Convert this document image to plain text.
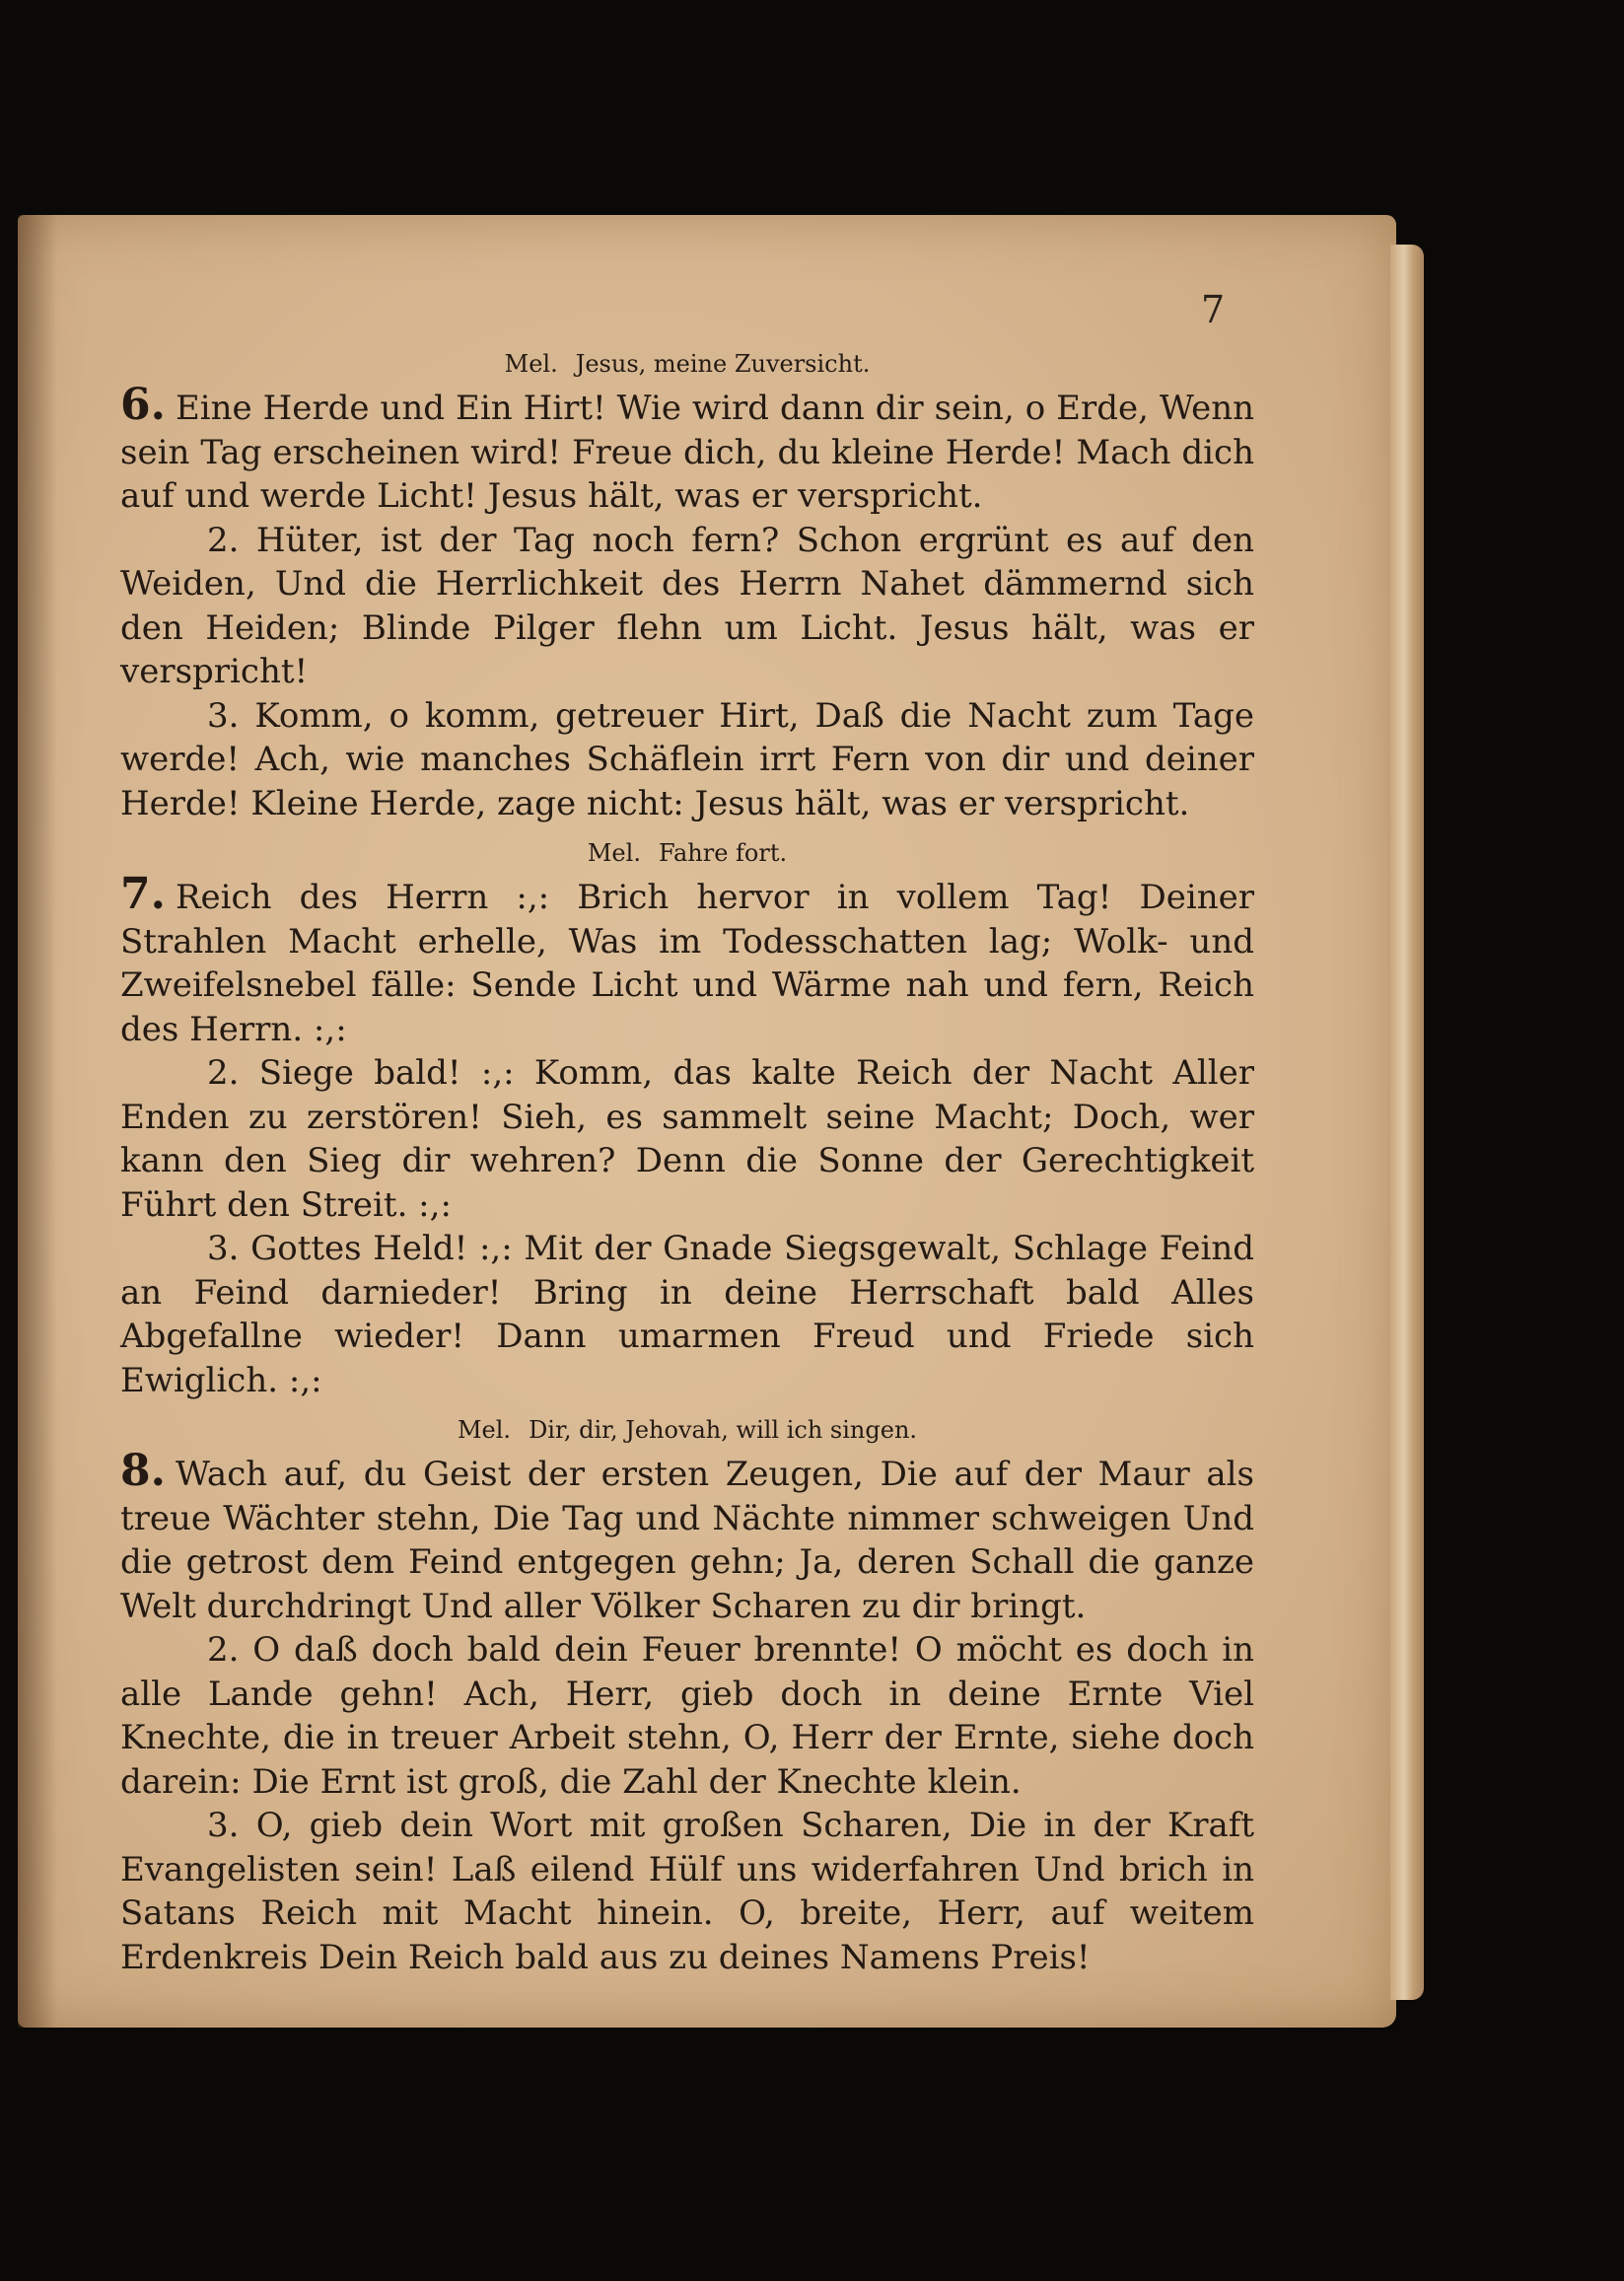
7

Mel. Jesus, meine Zuversicht.

6. Eine Herde und Ein Hirt! Wie wird dann dir sein, o Erde, Wenn sein Tag erscheinen wird! Freue dich, du kleine Herde! Mach dich auf und werde Licht! Jesus hält, was er verspricht.

2. Hüter, ist der Tag noch fern? Schon ergrünt es auf den Weiden, Und die Herrlichkeit des Herrn Nahet dämmernd sich den Heiden; Blinde Pilger flehn um Licht. Jesus hält, was er verspricht!

3. Komm, o komm, getreuer Hirt, Daß die Nacht zum Tage werde! Ach, wie manches Schäflein irrt Fern von dir und deiner Herde! Kleine Herde, zage nicht: Jesus hält, was er verspricht.

Mel. Fahre fort.

7. Reich des Herrn :,: Brich hervor in vollem Tag! Deiner Strahlen Macht erhelle, Was im Todesschatten lag; Wolk- und Zweifelsnebel fälle: Sende Licht und Wärme nah und fern, Reich des Herrn. :,:

2. Siege bald! :,: Komm, das kalte Reich der Nacht Aller Enden zu zerstören! Sieh, es sammelt seine Macht; Doch, wer kann den Sieg dir wehren? Denn die Sonne der Gerechtigkeit Führt den Streit. :,:

3. Gottes Held! :,: Mit der Gnade Siegsgewalt, Schlage Feind an Feind darnieder! Bring in deine Herrschaft bald Alles Abgefallne wieder! Dann umarmen Freud und Friede sich Ewiglich. :,:

Mel. Dir, dir, Jehovah, will ich singen.

8. Wach auf, du Geist der ersten Zeugen, Die auf der Maur als treue Wächter stehn, Die Tag und Nächte nimmer schweigen Und die getrost dem Feind entgegen gehn; Ja, deren Schall die ganze Welt durchdringt Und aller Völker Scharen zu dir bringt.

2. O daß doch bald dein Feuer brennte! O möcht es doch in alle Lande gehn! Ach, Herr, gieb doch in deine Ernte Viel Knechte, die in treuer Arbeit stehn, O, Herr der Ernte, siehe doch darein: Die Ernt ist groß, die Zahl der Knechte klein.

3. O, gieb dein Wort mit großen Scharen, Die in der Kraft Evangelisten sein! Laß eilend Hülf uns widerfahren Und brich in Satans Reich mit Macht hinein. O, breite, Herr, auf weitem Erdenkreis Dein Reich bald aus zu deines Namens Preis!
